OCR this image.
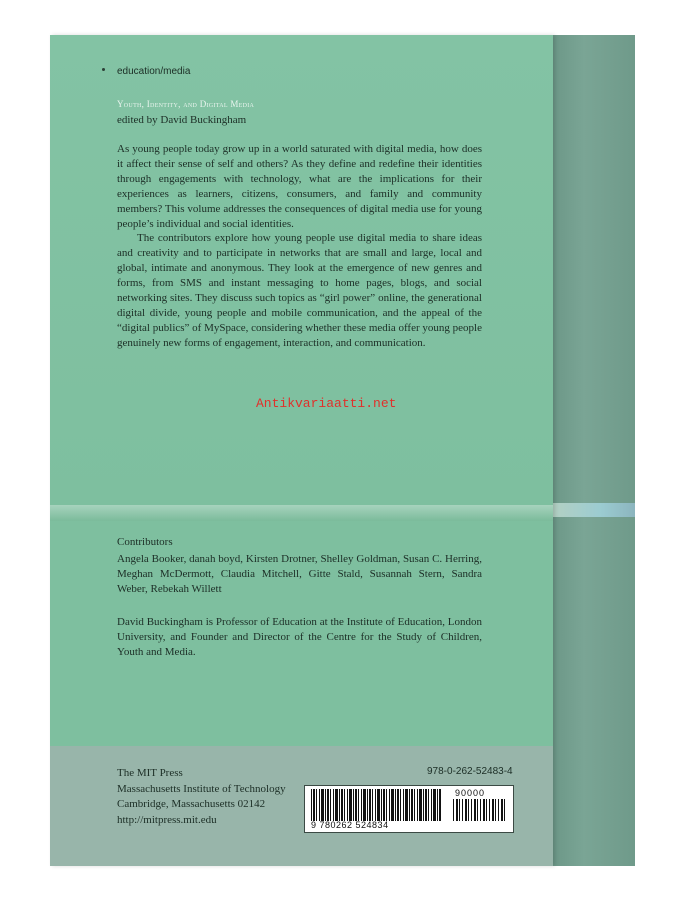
education/media
Youth, Identity, and Digital Media
edited by David Buckingham

As young people today grow up in a world saturated with digital media, how does it affect their sense of self and others? As they define and redefine their identities through engagements with technology, what are the implications for their experiences as learners, citizens, consumers, and family and community members? This volume addresses the consequences of digital media use for young people’s individual and social identities.

The contributors explore how young people use digital media to share ideas and creativity and to participate in networks that are small and large, local and global, intimate and anonymous. They look at the emergence of new genres and forms, from SMS and instant messaging to home pages, blogs, and social networking sites. They discuss such topics as “girl power” online, the generational digital divide, young people and mobile communication, and the appeal of the “digital publics” of MySpace, considering whether these media offer young people genuinely new forms of engagement, interaction, and communication.

Antikvariaatti.net
Contributors
Angela Booker, danah boyd, Kirsten Drotner, Shelley Goldman, Susan C. Herring, Meghan McDermott, Claudia Mitchell, Gitte Stald, Susannah Stern, Sandra Weber, Rebekah Willett
David Buckingham is Professor of Education at the Institute of Education, London University, and Founder and Director of the Centre for the Study of Children, Youth and Media.
The MIT Press
Massachusetts Institute of Technology
Cambridge, Massachusetts 02142
http://mitpress.mit.edu
978-0-262-52483-4
90000
9 780262 524834
